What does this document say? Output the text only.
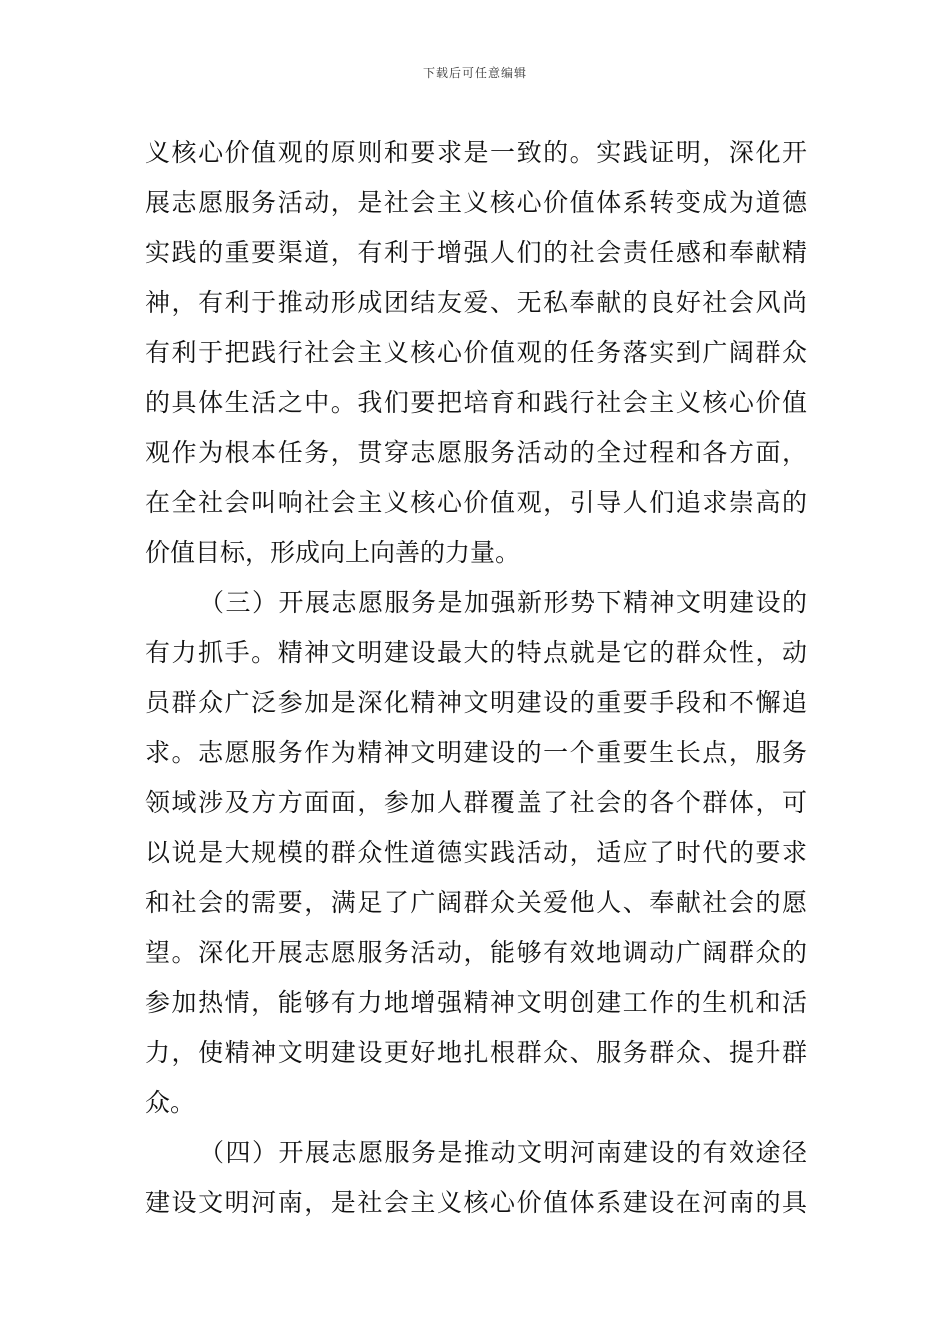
下载后可任意编辑
义核心价值观的原则和要求是一致的。实践证明，深化开
展志愿服务活动，是社会主义核心价值体系转变成为道德
实践的重要渠道，有利于增强人们的社会责任感和奉献精
神，有利于推动形成团结友爱、无私奉献的良好社会风尚
有利于把践行社会主义核心价值观的任务落实到广阔群众
的具体生活之中。我们要把培育和践行社会主义核心价值
观作为根本任务，贯穿志愿服务活动的全过程和各方面，
在全社会叫响社会主义核心价值观，引导人们追求崇高的
价值目标，形成向上向善的力量。
（三）开展志愿服务是加强新形势下精神文明建设的
有力抓手。精神文明建设最大的特点就是它的群众性，动
员群众广泛参加是深化精神文明建设的重要手段和不懈追
求。志愿服务作为精神文明建设的一个重要生长点，服务
领域涉及方方面面，参加人群覆盖了社会的各个群体，可
以说是大规模的群众性道德实践活动，适应了时代的要求
和社会的需要，满足了广阔群众关爱他人、奉献社会的愿
望。深化开展志愿服务活动，能够有效地调动广阔群众的
参加热情，能够有力地增强精神文明创建工作的生机和活
力，使精神文明建设更好地扎根群众、服务群众、提升群
众。
（四）开展志愿服务是推动文明河南建设的有效途径
建设文明河南，是社会主义核心价值体系建设在河南的具
